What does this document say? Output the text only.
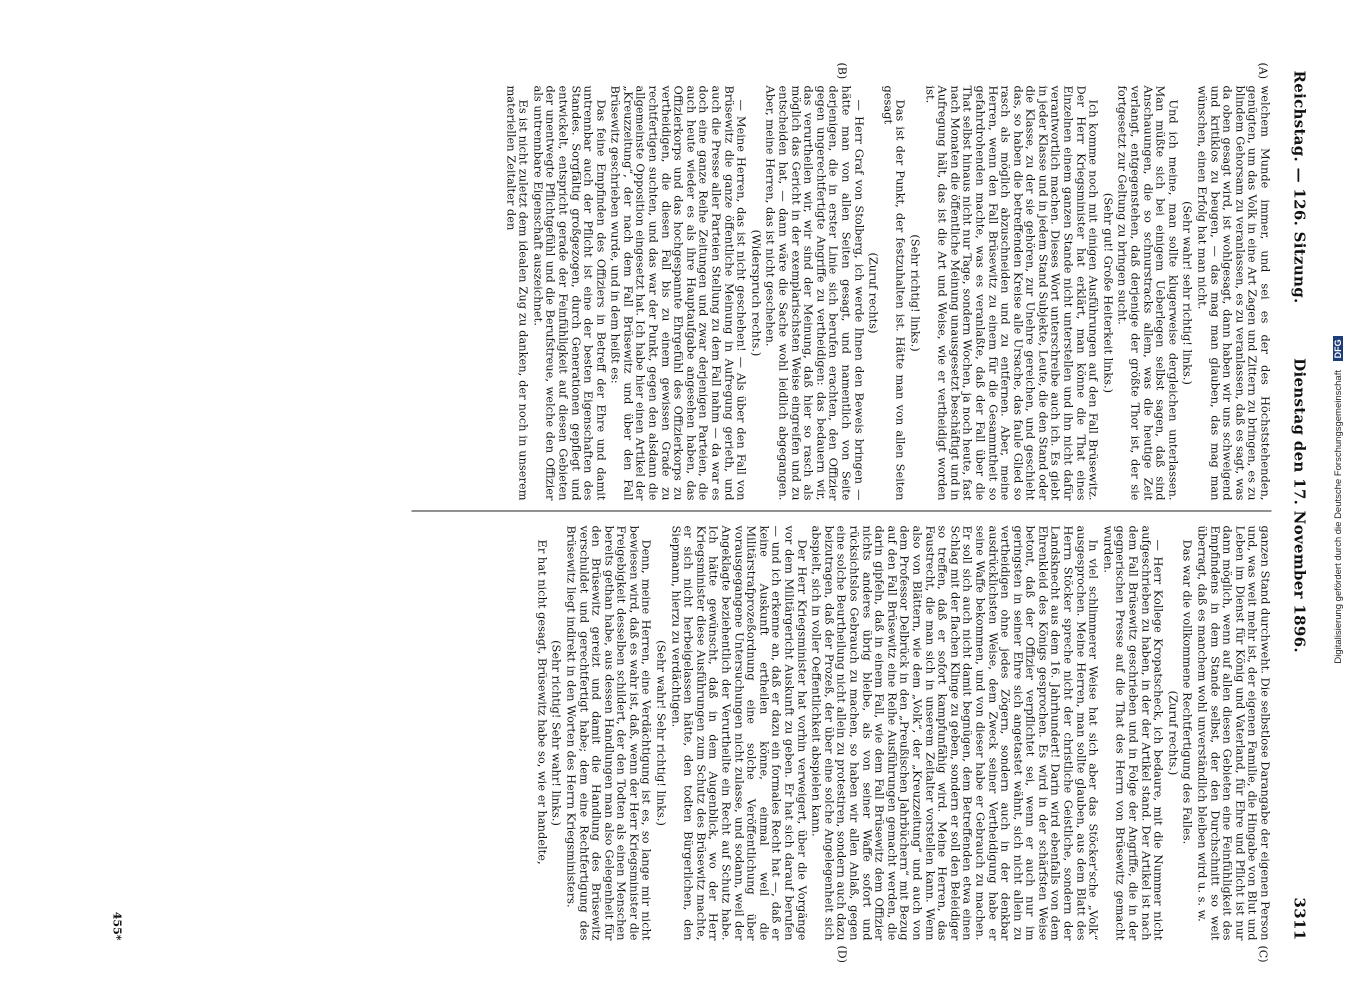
Reichstag. — 126. Sitzung.
Dienstag den 17. November 1896.
3311
(A)
(B)
(C)
(D)

welchem Munde immer, und sei es der des Höchststehenden, genügten, um das Volk in eine Art Zagen und Zittern zu bringen, es zu blindem Gehorsam zu veranlassen, es zu veranlassen, daß es sagt, was da oben gesagt wird, ist wohlgesagt, dann haben wir uns schweigend und kritiklos zu beugen, — das mag man glauben, das mag man wünschen, einen Erfolg hat man nicht.

(Sehr wahr! sehr richtig! links.)

Und ich meine, man sollte klugerweise dergleichen unterlassen. Man müßte sich bei einigem Ueberlegen selbst sagen, daß sind Anschauungen, die so schnurstracks allem, was die heutige Zeit verlangt, entgegenstehen, daß derjenige der größte Thor ist, der sie fortgesetzt zur Geltung zu bringen sucht.

(Sehr gut! Große Heiterkeit links.)

Ich komme noch mit einigen Ausführungen auf den Fall Brüsewitz. Der Herr Kriegsminister hat erklärt, man könne die That eines Einzelnen einem ganzen Stande nicht unterstellen und ihn nicht dafür verantwortlich machen. Dieses Wort unterschreibe auch ich. Es giebt in jeder Klasse und in jedem Stand Subjekte, Leute, die den Stand oder die Klasse, zu der sie gehören, zur Unehre gereichen, und geschieht das, so haben die betreffenden Kreise alle Ursache, das faule Glied so rasch als möglich abzuschneiden und zu entfernen. Aber, meine Herren, wenn den Fall Brüsewitz zu einem für die Gesammtheit so gefahrdrohenden machte, was es veranlaßte, daß der Fall über die That selbst hinaus nicht nur Tage, sondern Wochen, ja noch heute, fast nach Monaten die öffentliche Meinung unausgesetzt beschäftigt und in Aufregung hält, das ist die Art und Weise, wie er vertheidigt worden ist.

(Sehr richtig! links.)

Das ist der Punkt, der festzuhalten ist. Hätte man von allen Seiten gesagt

(Zuruf rechts)

— Herr Graf von Stolberg, ich werde Ihnen den Beweis bringen — hätte man von allen Seiten gesagt, und namentlich von Seite derjenigen, die in erster Linie sich berufen erachten, den Offizier gegen ungerechtfertigte Angriffe zu vertheidigen: das bedauern wir, das verurtheilen wir, wir sind der Meinung, daß hier so rasch als möglich das Gericht in der exemplarischsten Weise eingreifen und zu entscheiden hat, — dann wäre die Sache wohl leidlich abgegangen. Aber, meine Herren, das ist nicht geschehen.

(Widerspruch rechts.)

— Meine Herren, das ist nicht geschehen! — Als über den Fall von Brüsewitz die ganze öffentliche Meinung in Aufregung gerieth, und auch die Presse aller Parteien Stellung zu dem Fall nahm — da war es doch eine ganze Reihe Zeitungen und zwar derjenigen Parteien, die auch heute wieder es als ihre Hauptaufgabe angesehen haben, das Offizierkorps und das hochgespannte Ehrgefühl des Offizierkorps zu vertheidigen, die diesen Fall bis zu einem gewissen Grade zu rechtfertigen suchten, und das war der Punkt, gegen den alsdann die allgemeinste Opposition eingesetzt hat. Ich habe hier einen Artikel der „Kreuzzeitung“, der nach dem Fall Brüsewitz und über den Fall Brüsewitz geschrieben wurde, und in dem heißt es:

Das feine Empfinden des Offiziers in Betreff der Ehre und damit untrennbar auch der Pflicht ist eine der besten Eigenschaften des Standes. Sorgfältig großgezogen, durch Generationen gepflegt und entwickelt, entspricht gerade der Feinfühligkeit auf diesen Gebieten der unentwegte Pflichtgefühl und die Berufstreue, welche den Offizier als untrennbare Eigenschaft auszeichnet.

Es ist nicht zuletzt dem idealen Zug zu danken, der noch in unserem materiellen Zeitalter den

ganzen Stand durchweht. Die selbstlose Darangabe der eigenen Person und, was weit mehr ist, der eigenen Familie, die Hingabe von Blut und Leben im Dienst für König und Vaterland, für Ehre und Pflicht ist nur dann möglich, wenn auf allen diesen Gebieten eine Feinfühligkeit des Empfindens in dem Stande selbst, der den Durchschnitt so weit überragt, daß es manchem wohl unverständlich bleiben wird u. s. w.

Das war die vollkommene Rechtfertigung des Falles.

(Zuruf rechts.)

— Herr Kollege Kropatscheck, ich bedaure, mit die Nummer nicht aufgeschrieben zu haben, in der der Artikel stand. Der Artikel ist nach dem Fall Brüsewitz geschrieben und in Folge der Angriffe, die in der gegnerischen Presse auf die That des Herrn von Brüsewitz gemacht wurden.

In viel schlimmerer Weise hat sich aber das Stöcker'sche „Volk“ ausgesprochen. Meine Herren, man sollte glauben, aus dem Blatt des Herrn Stöcker spreche nicht der christliche Geistliche, sondern der Landsknecht aus dem 16. Jahrhundert! Darin wird ebenfalls von dem Ehrenkleid des Königs gesprochen. Es wird in der schärfsten Weise betont, daß der Offizier verpflichtet sei, wenn er auch nur im geringsten in seiner Ehre sich angetastet wähnt, sich nicht allein zu vertheidigen ohne jedes Zögern, sondern auch in der denkbar ausdrücklichsten Weise, dem Zweck seiner Vertheidigung habe er seine Waffe bekommen, und von dieser habe er Gebrauch zu machen. Er soll sich auch nicht damit begnügen, dem Betreffenden etwa einen Schlag mit der flachen Klinge zu geben, sondern er soll den Beleidiger so treffen, daß er sofort kampfunfähig wird. Meine Herren, das Faustrecht, die man sich in unserem Zeitalter vorstellen kann. Wenn also von Blättern, wie dem „Volk“, der „Kreuzzeitung“ und auch von dem Professor Delbrück in den „Preußischen Jahrbüchern“ mit Bezug auf den Fall Brüsewitz eine Reihe Ausführungen gemacht werden, die darin gipfeln, daß in einem Fall, wie dem Fall Brüsewitz dem Offizier nichts anderes übrig bleibe, als von seiner Waffe sofort und rücksichtslos Gebrauch zu machen, so haben wir allen Anlaß, gegen eine solche Beurtheilung nicht allein zu protestiren, sondern auch dazu beizutragen, daß der Prozeß, der über eine solche Angelegenheit sich abspielt, sich in voller Oeffentlichkeit abspielen kann.

Der Herr Kriegsminister hat vorhin verweigert, über die Vorgänge vor dem Militärgericht Auskunft zu geben. Er hat sich darauf berufen — und ich erkenne an, daß er dazu ein formales Recht hat —, daß er keine Auskunft ertheilen könne, einmal weil die Militärstrafprozeßordnung eine solche Veröffentlichung über vorausgegangene Untersuchungen nicht zulasse, und sodann, weil der Angeklagte beziehentlich der Verurtheilte ein Recht auf Schutz habe. Ich hätte gewünscht, daß in dem Augenblick, wo der Herr Kriegsminister diese Ausführungen zum Schutz des Brüsewitz machte, er sich nicht herbeigelassen hätte, den todten Bürgerlichen, den Siepmann, hierzu zu verdächtigen.

(Sehr wahr! Sehr richtig! links.)

Denn, meine Herren, eine Verdächtigung ist es, so lange mir nicht bewiesen wird, daß es wahr ist, daß, wenn der Herr Kriegsminister die Freigebigkeit desselben schildert, der den Todten als einen Menschen bereits gethan habe, aus dessen Handlungen man also Gelegenheit für den Brüsewitz gereizt und damit die Handlung des Brüsewitz verschuldet und gerechtfertigt habe; dem eine Rechtfertigung des Brüsewitz liegt indirekt in den Worten des Herrn Kriegsministers.

(Sehr richtig! Sehr wahr! links.)

Er hat nicht gesagt, Brüsewitz habe so, wie er handelte,

455*
Digitalisierung gefördert durch die Deutsche Forschungsgemeinschaft DFG
